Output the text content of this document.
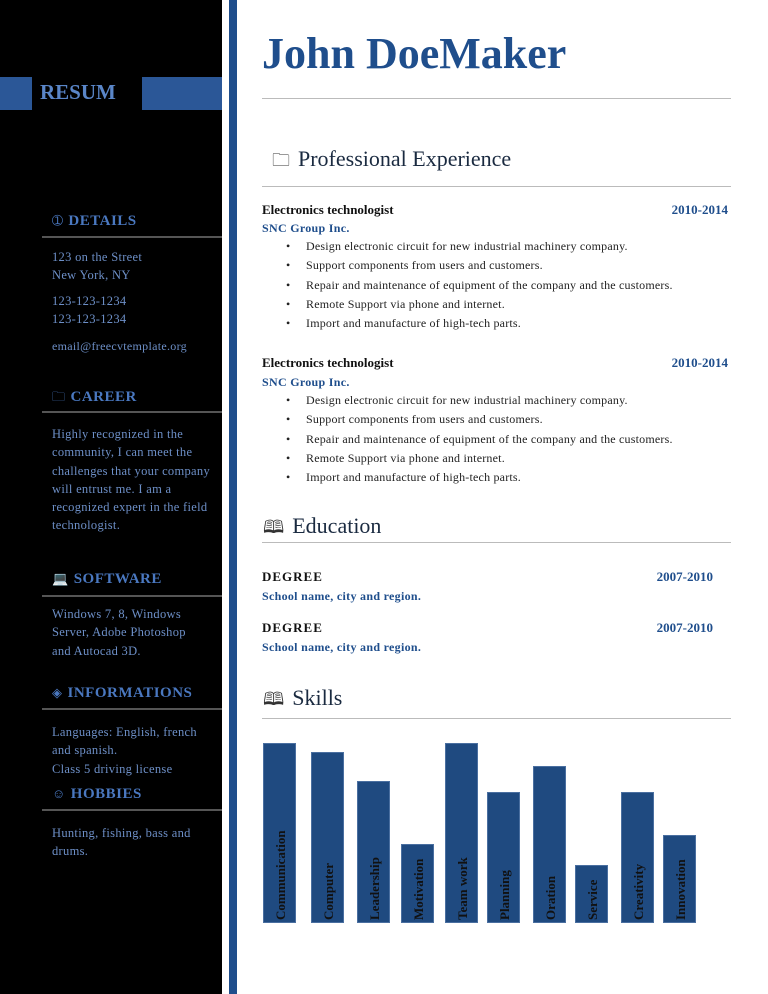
RESUM
➀ DETAILS
123 on the Street
New York, NY
123-123-1234
123-123-1234
email@freecvtemplate.org
🗀 CAREER
Highly recognized in the community, I can meet the challenges that your company will entrust me. I am a recognized expert in the field technologist.
💻 SOFTWARE
Windows 7, 8, Windows Server, Adobe Photoshop and Autocad 3D.
◈ INFORMATIONS
Languages: English, french and spanish.
Class 5 driving license
☺ HOBBIES
Hunting, fishing, bass and drums.
John DoeMaker
🗀 Professional Experience
Electronics technologist	2010-2014
SNC Group Inc.
• Design electronic circuit for new industrial machinery company.
• Support components from users and customers.
• Repair and maintenance of equipment of the company and the customers.
• Remote Support via phone and internet.
• Import and manufacture of high-tech parts.
Electronics technologist	2010-2014
SNC Group Inc.
• Design electronic circuit for new industrial machinery company.
• Support components from users and customers.
• Repair and maintenance of equipment of the company and the customers.
• Remote Support via phone and internet.
• Import and manufacture of high-tech parts.
🕮 Education
DEGREE	2007-2010
School name, city and region.
DEGREE	2007-2010
School name, city and region.
🕮 Skills
Communication	Computer Leadership Motivation Team work Planning Oration Service Creativity Innovation
